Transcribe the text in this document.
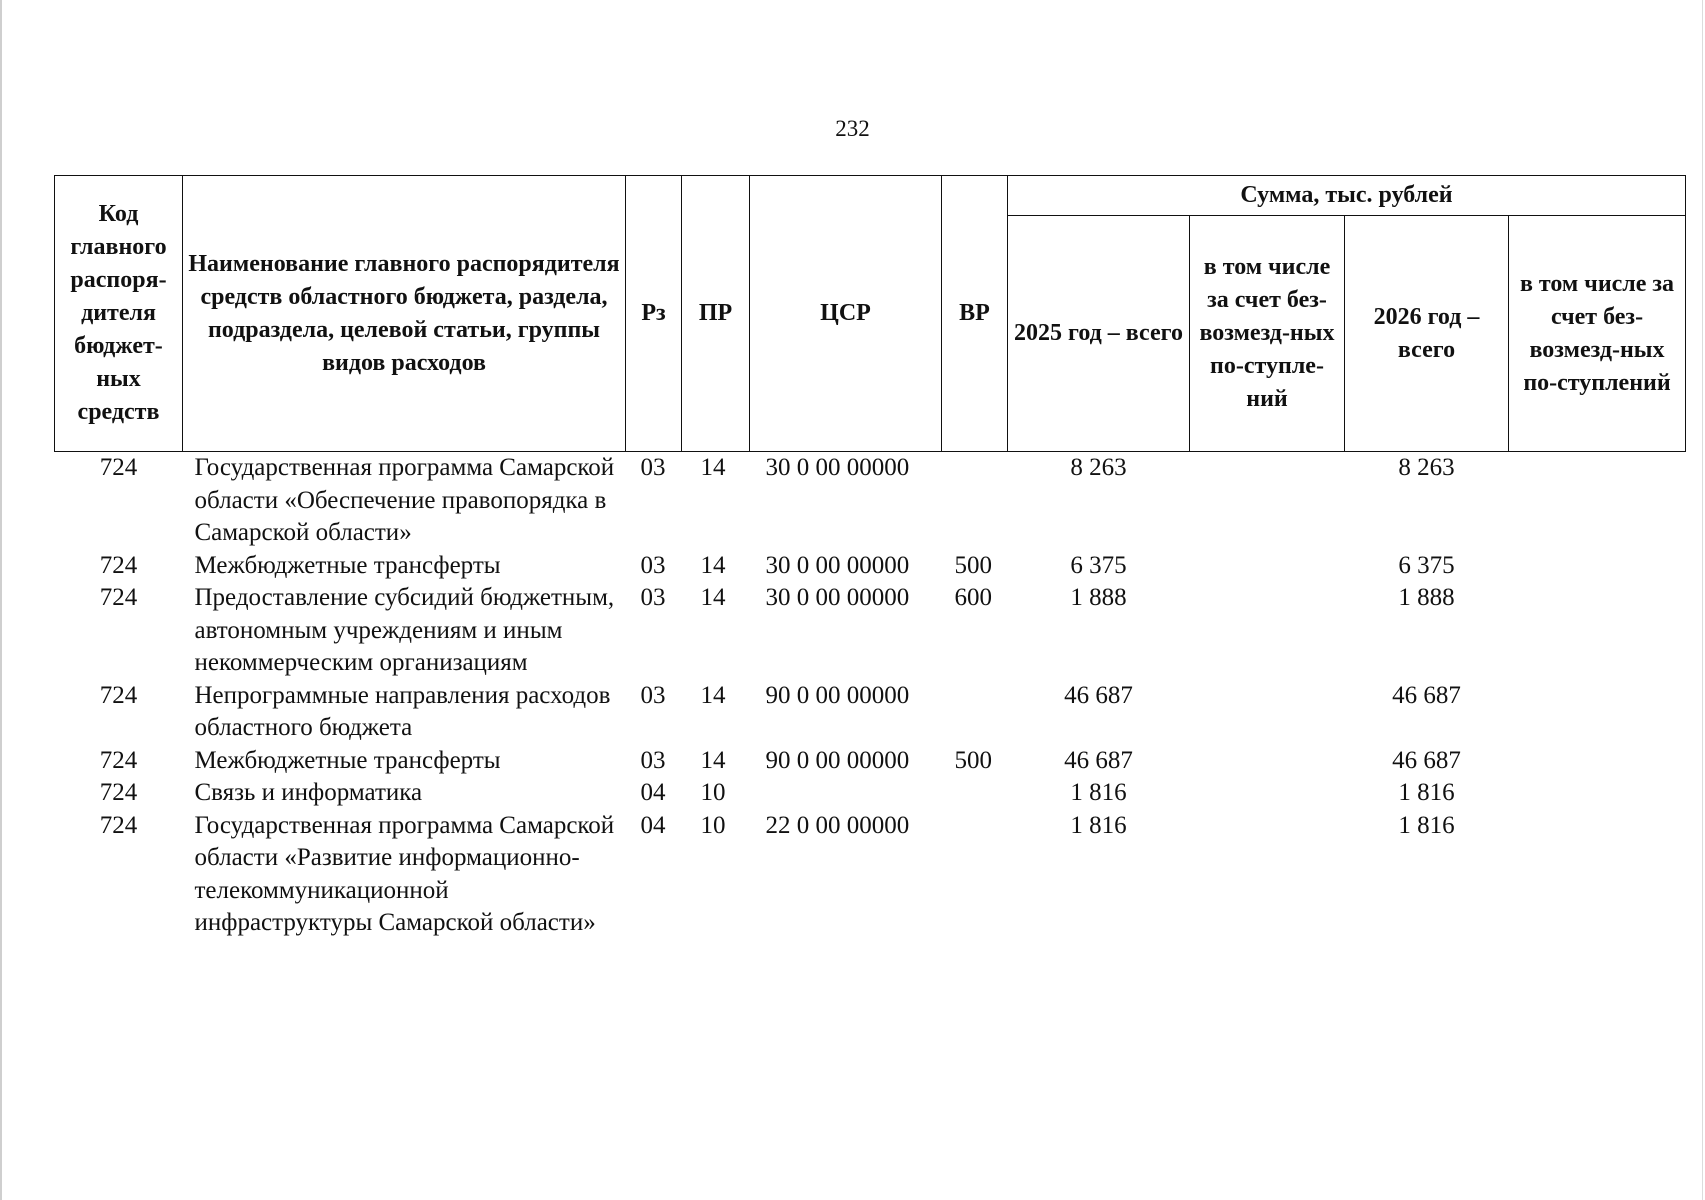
232
Код главного распоря-дителя бюджет-ных средств	Наименование главного распорядителя средств областного бюджета, раздела, подраздела, целевой статьи, группы видов расходов	Рз	ПР	ЦСР	ВР	Сумма, тыс. рублей			
						2025 год – всего	в том числе за счет без-возмезд-ных по-ступле-ний	2026 год – всего	в том числе за счет без-возмезд-ных по-ступлений
724	Государственная программа Самарской области «Обеспечение правопорядка в Самарской области»	03	14	30 0 00 00000		8 263		8 263	
724	Межбюджетные трансферты	03	14	30 0 00 00000	500	6 375		6 375	
724	Предоставление субсидий бюджетным, автономным учреждениям и иным некоммерческим организациям	03	14	30 0 00 00000	600	1 888		1 888	
724	Непрограммные направления расходов областного бюджета	03	14	90 0 00 00000		46 687		46 687	
724	Межбюджетные трансферты	03	14	90 0 00 00000	500	46 687		46 687	
724	Связь и информатика	04	10			1 816		1 816	
724	Государственная программа Самарской области «Развитие информационно-телекоммуникационной инфраструктуры Самарской области»	04	10	22 0 00 00000		1 816		1 816	
